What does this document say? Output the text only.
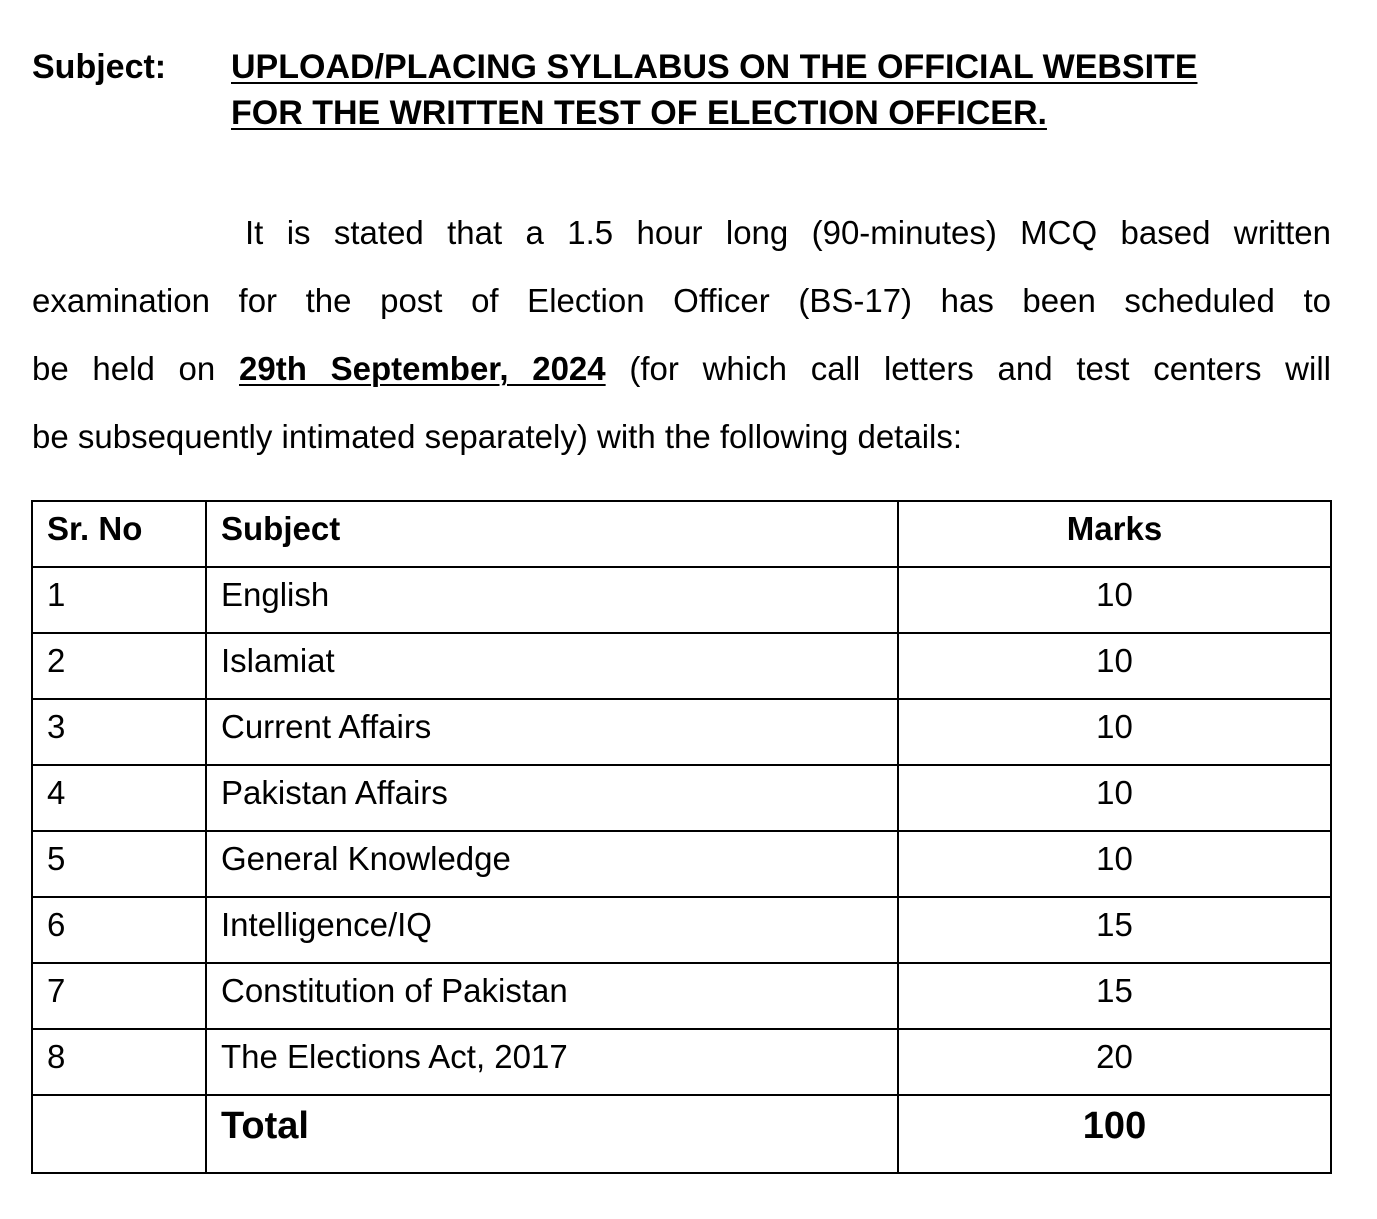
Subject: UPLOAD/PLACING SYLLABUS ON THE OFFICIAL WEBSITE
FOR THE WRITTEN TEST OF ELECTION OFFICER.
It is stated that a 1.5 hour long (90-minutes) MCQ based written
examination for the post of Election Officer (BS-17) has been scheduled to
be held on 29th September, 2024 (for which call letters and test centers will
be subsequently intimated separately) with the following details:
Sr. No	Subject	Marks
1	English	10
2	Islamiat	10
3	Current Affairs	10
4	Pakistan Affairs	10
5	General Knowledge	10
6	Intelligence/IQ	15
7	Constitution of Pakistan	15
8	The Elections Act, 2017	20
	Total	100
